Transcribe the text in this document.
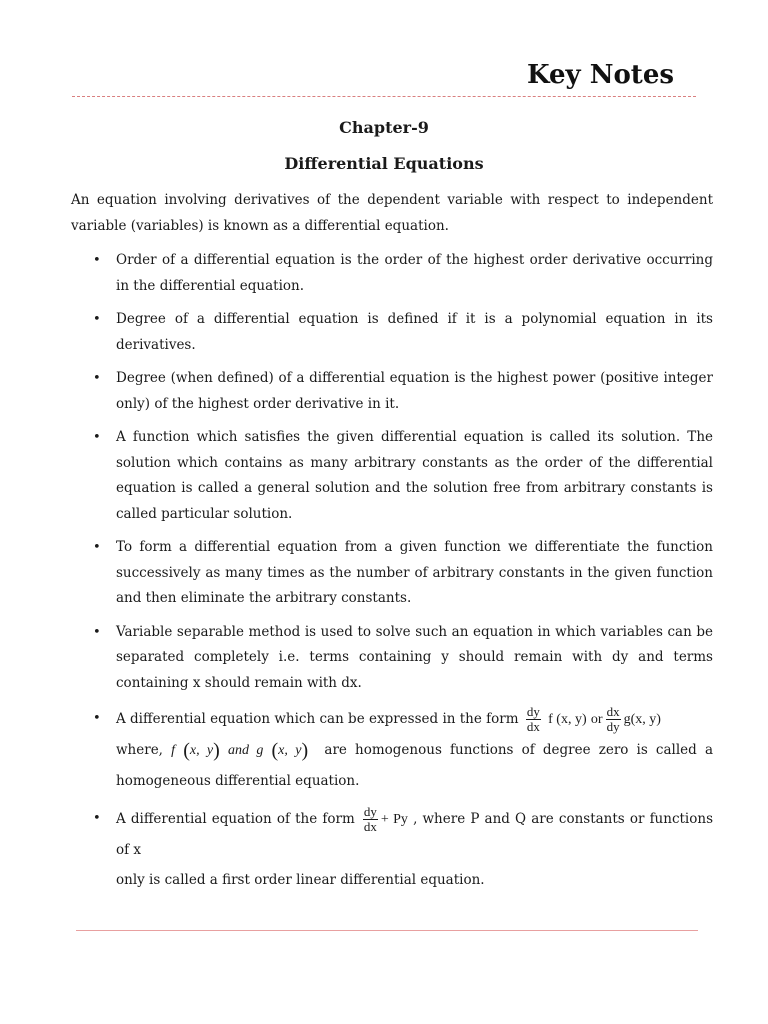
Key Notes
Chapter-9
Differential Equations
An equation involving derivatives of the dependent variable with respect to independent variable (variables) is known as a differential equation.
• Order of a differential equation is the order of the highest order derivative occurring in the differential equation.
• Degree of a differential equation is defined if it is a polynomial equation in its derivatives.
• Degree (when defined) of a differential equation is the highest power (positive integer only) of the highest order derivative in it.
• A function which satisfies the given differential equation is called its solution. The solution which contains as many arbitrary constants as the order of the differential equation is called a general solution and the solution free from arbitrary constants is called particular solution.
• To form a differential equation from a given function we differentiate the function successively as many times as the number of arbitrary constants in the given function and then eliminate the arbitrary constants.
• Variable separable method is used to solve such an equation in which variables can be separated completely i.e. terms containing y should remain with dy and terms containing x should remain with dx.
• A differential equation which can be expressed in the form $\frac{dy}{dx}$ f (x, y) or $\frac{dx}{dy} g(x$, y)
where, f (x, y) and g (x, y) are homogenous functions of degree zero is called a homogeneous differential equation.
• A differential equation of the form $\frac{dy}{dx} + Py$ , where P and Q are constants or functions of x
only is called a first order linear differential equation.
